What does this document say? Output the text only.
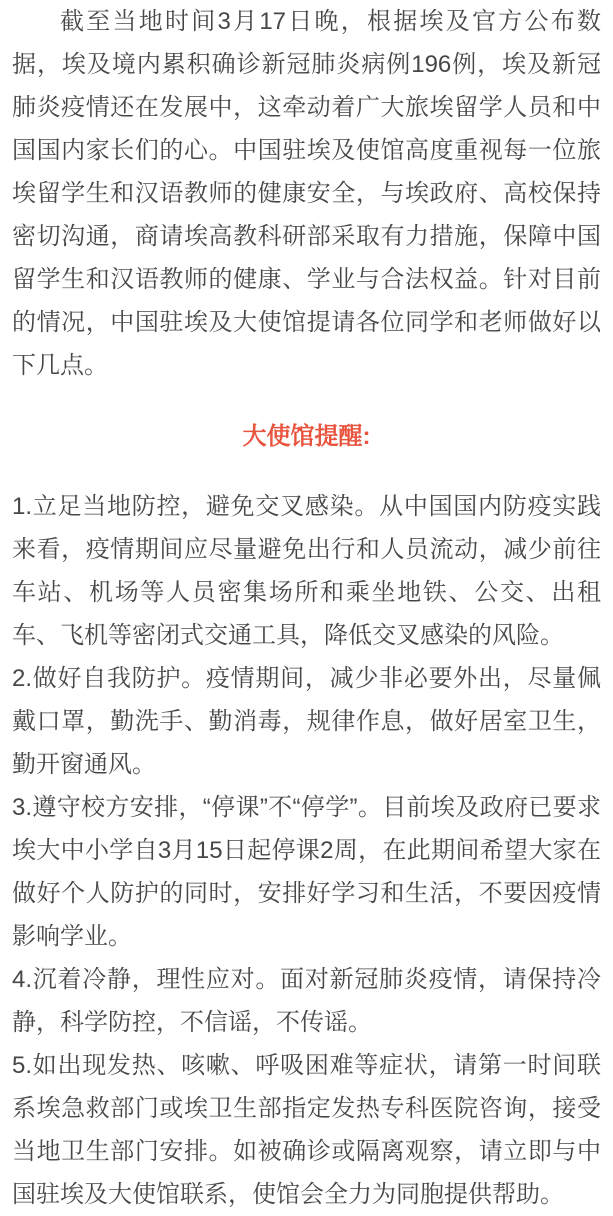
截至当地时间3月17日晚，根据埃及官方公布数据，埃及境内累积确诊新冠肺炎病例196例，埃及新冠肺炎疫情还在发展中，这牵动着广大旅埃留学人员和中国国内家长们的心。中国驻埃及使馆高度重视每一位旅埃留学生和汉语教师的健康安全，与埃政府、高校保持密切沟通，商请埃高教科研部采取有力措施，保障中国留学生和汉语教师的健康、学业与合法权益。针对目前的情况，中国驻埃及大使馆提请各位同学和老师做好以下几点。

大使馆提醒:

1.立足当地防控，避免交叉感染。从中国国内防疫实践来看，疫情期间应尽量避免出行和人员流动，减少前往车站、机场等人员密集场所和乘坐地铁、公交、出租车、飞机等密闭式交通工具，降低交叉感染的风险。

2.做好自我防护。疫情期间，减少非必要外出，尽量佩戴口罩，勤洗手、勤消毒，规律作息，做好居室卫生，勤开窗通风。

3.遵守校方安排，“停课”不“停学”。目前埃及政府已要求埃大中小学自3月15日起停课2周，在此期间希望大家在做好个人防护的同时，安排好学习和生活，不要因疫情影响学业。

4.沉着冷静，理性应对。面对新冠肺炎疫情，请保持冷静，科学防控，不信谣，不传谣。

5.如出现发热、咳嗽、呼吸困难等症状，请第一时间联系埃急救部门或埃卫生部指定发热专科医院咨询，接受当地卫生部门安排。如被确诊或隔离观察，请立即与中国驻埃及大使馆联系，使馆会全力为同胞提供帮助。
